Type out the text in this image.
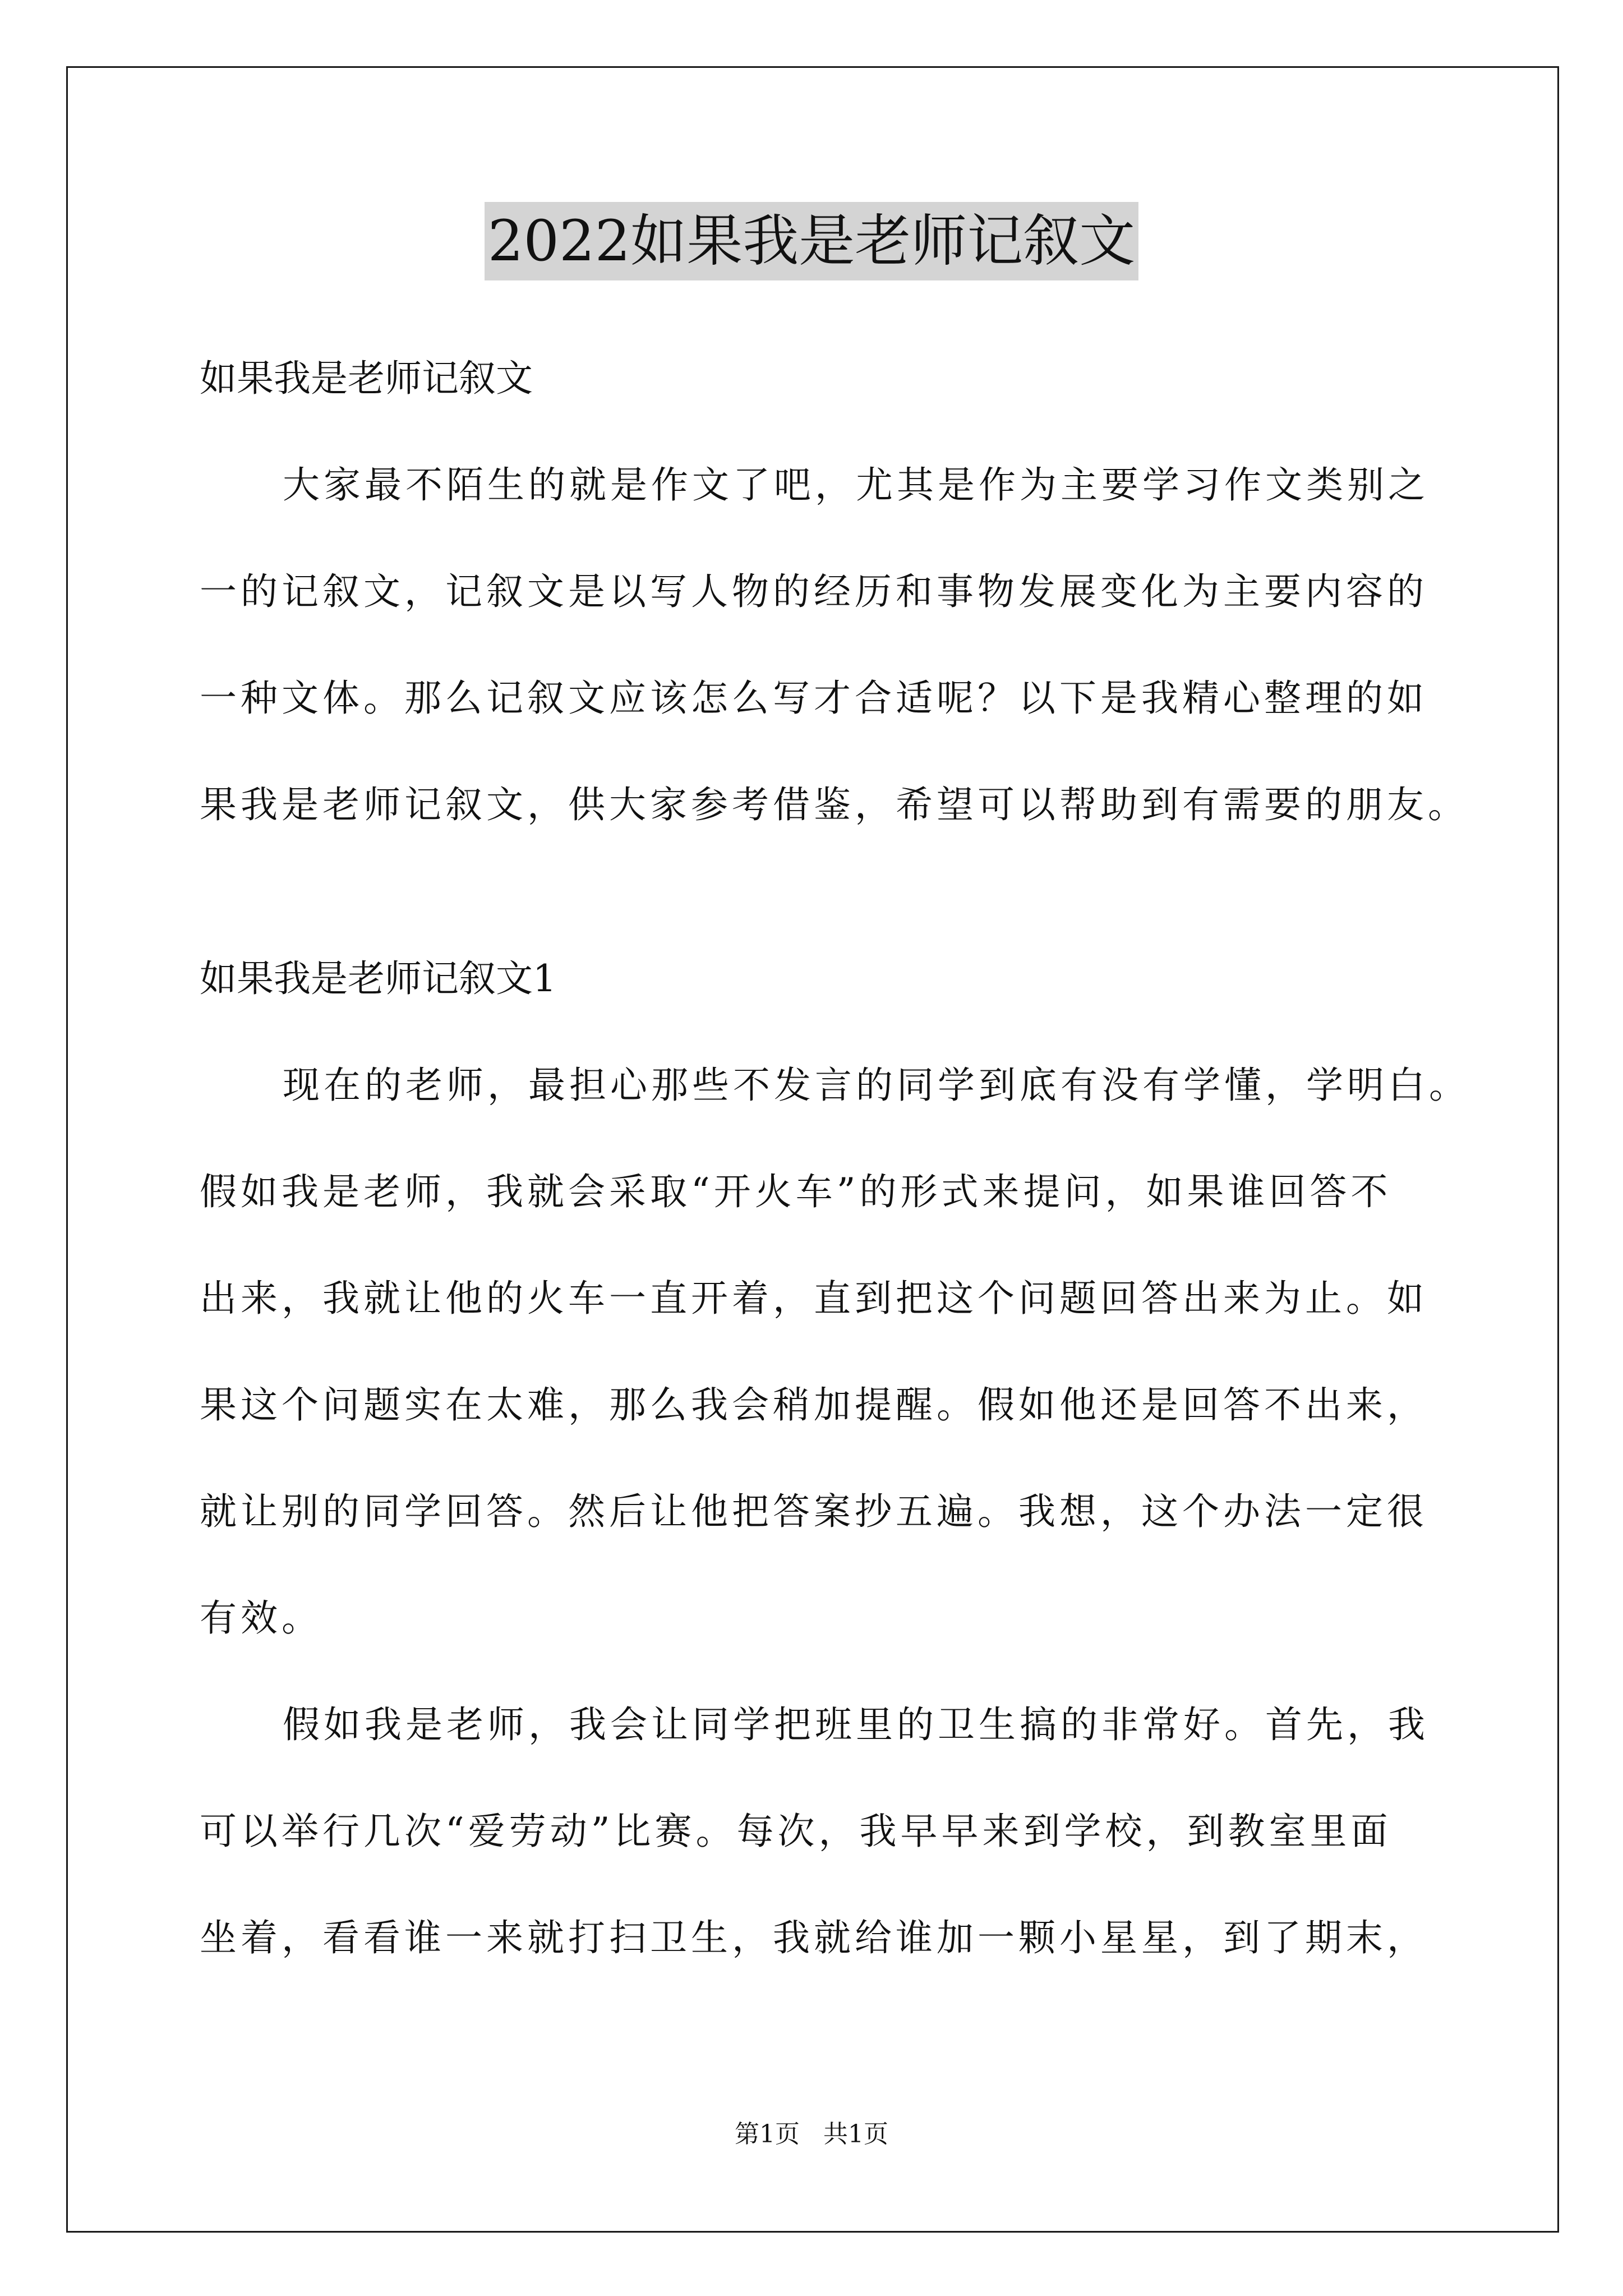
2022如果我是老师记叙文
如果我是老师记叙文
大家最不陌生的就是作文了吧，尤其是作为主要学习作文类别之
一的记叙文，记叙文是以写人物的经历和事物发展变化为主要内容的
一种文体。那么记叙文应该怎么写才合适呢？以下是我精心整理的如
果我是老师记叙文，供大家参考借鉴，希望可以帮助到有需要的朋友。
如果我是老师记叙文1
现在的老师，最担心那些不发言的同学到底有没有学懂，学明白。
假如我是老师，我就会采取“开火车”的形式来提问，如果谁回答不
出来，我就让他的火车一直开着，直到把这个问题回答出来为止。如
果这个问题实在太难，那么我会稍加提醒。假如他还是回答不出来，
就让别的同学回答。然后让他把答案抄五遍。我想，这个办法一定很
有效。
假如我是老师，我会让同学把班里的卫生搞的非常好。首先，我
可以举行几次“爱劳动”比赛。每次，我早早来到学校，到教室里面
坐着，看看谁一来就打扫卫生，我就给谁加一颗小星星，到了期末，
第1页   共1页
